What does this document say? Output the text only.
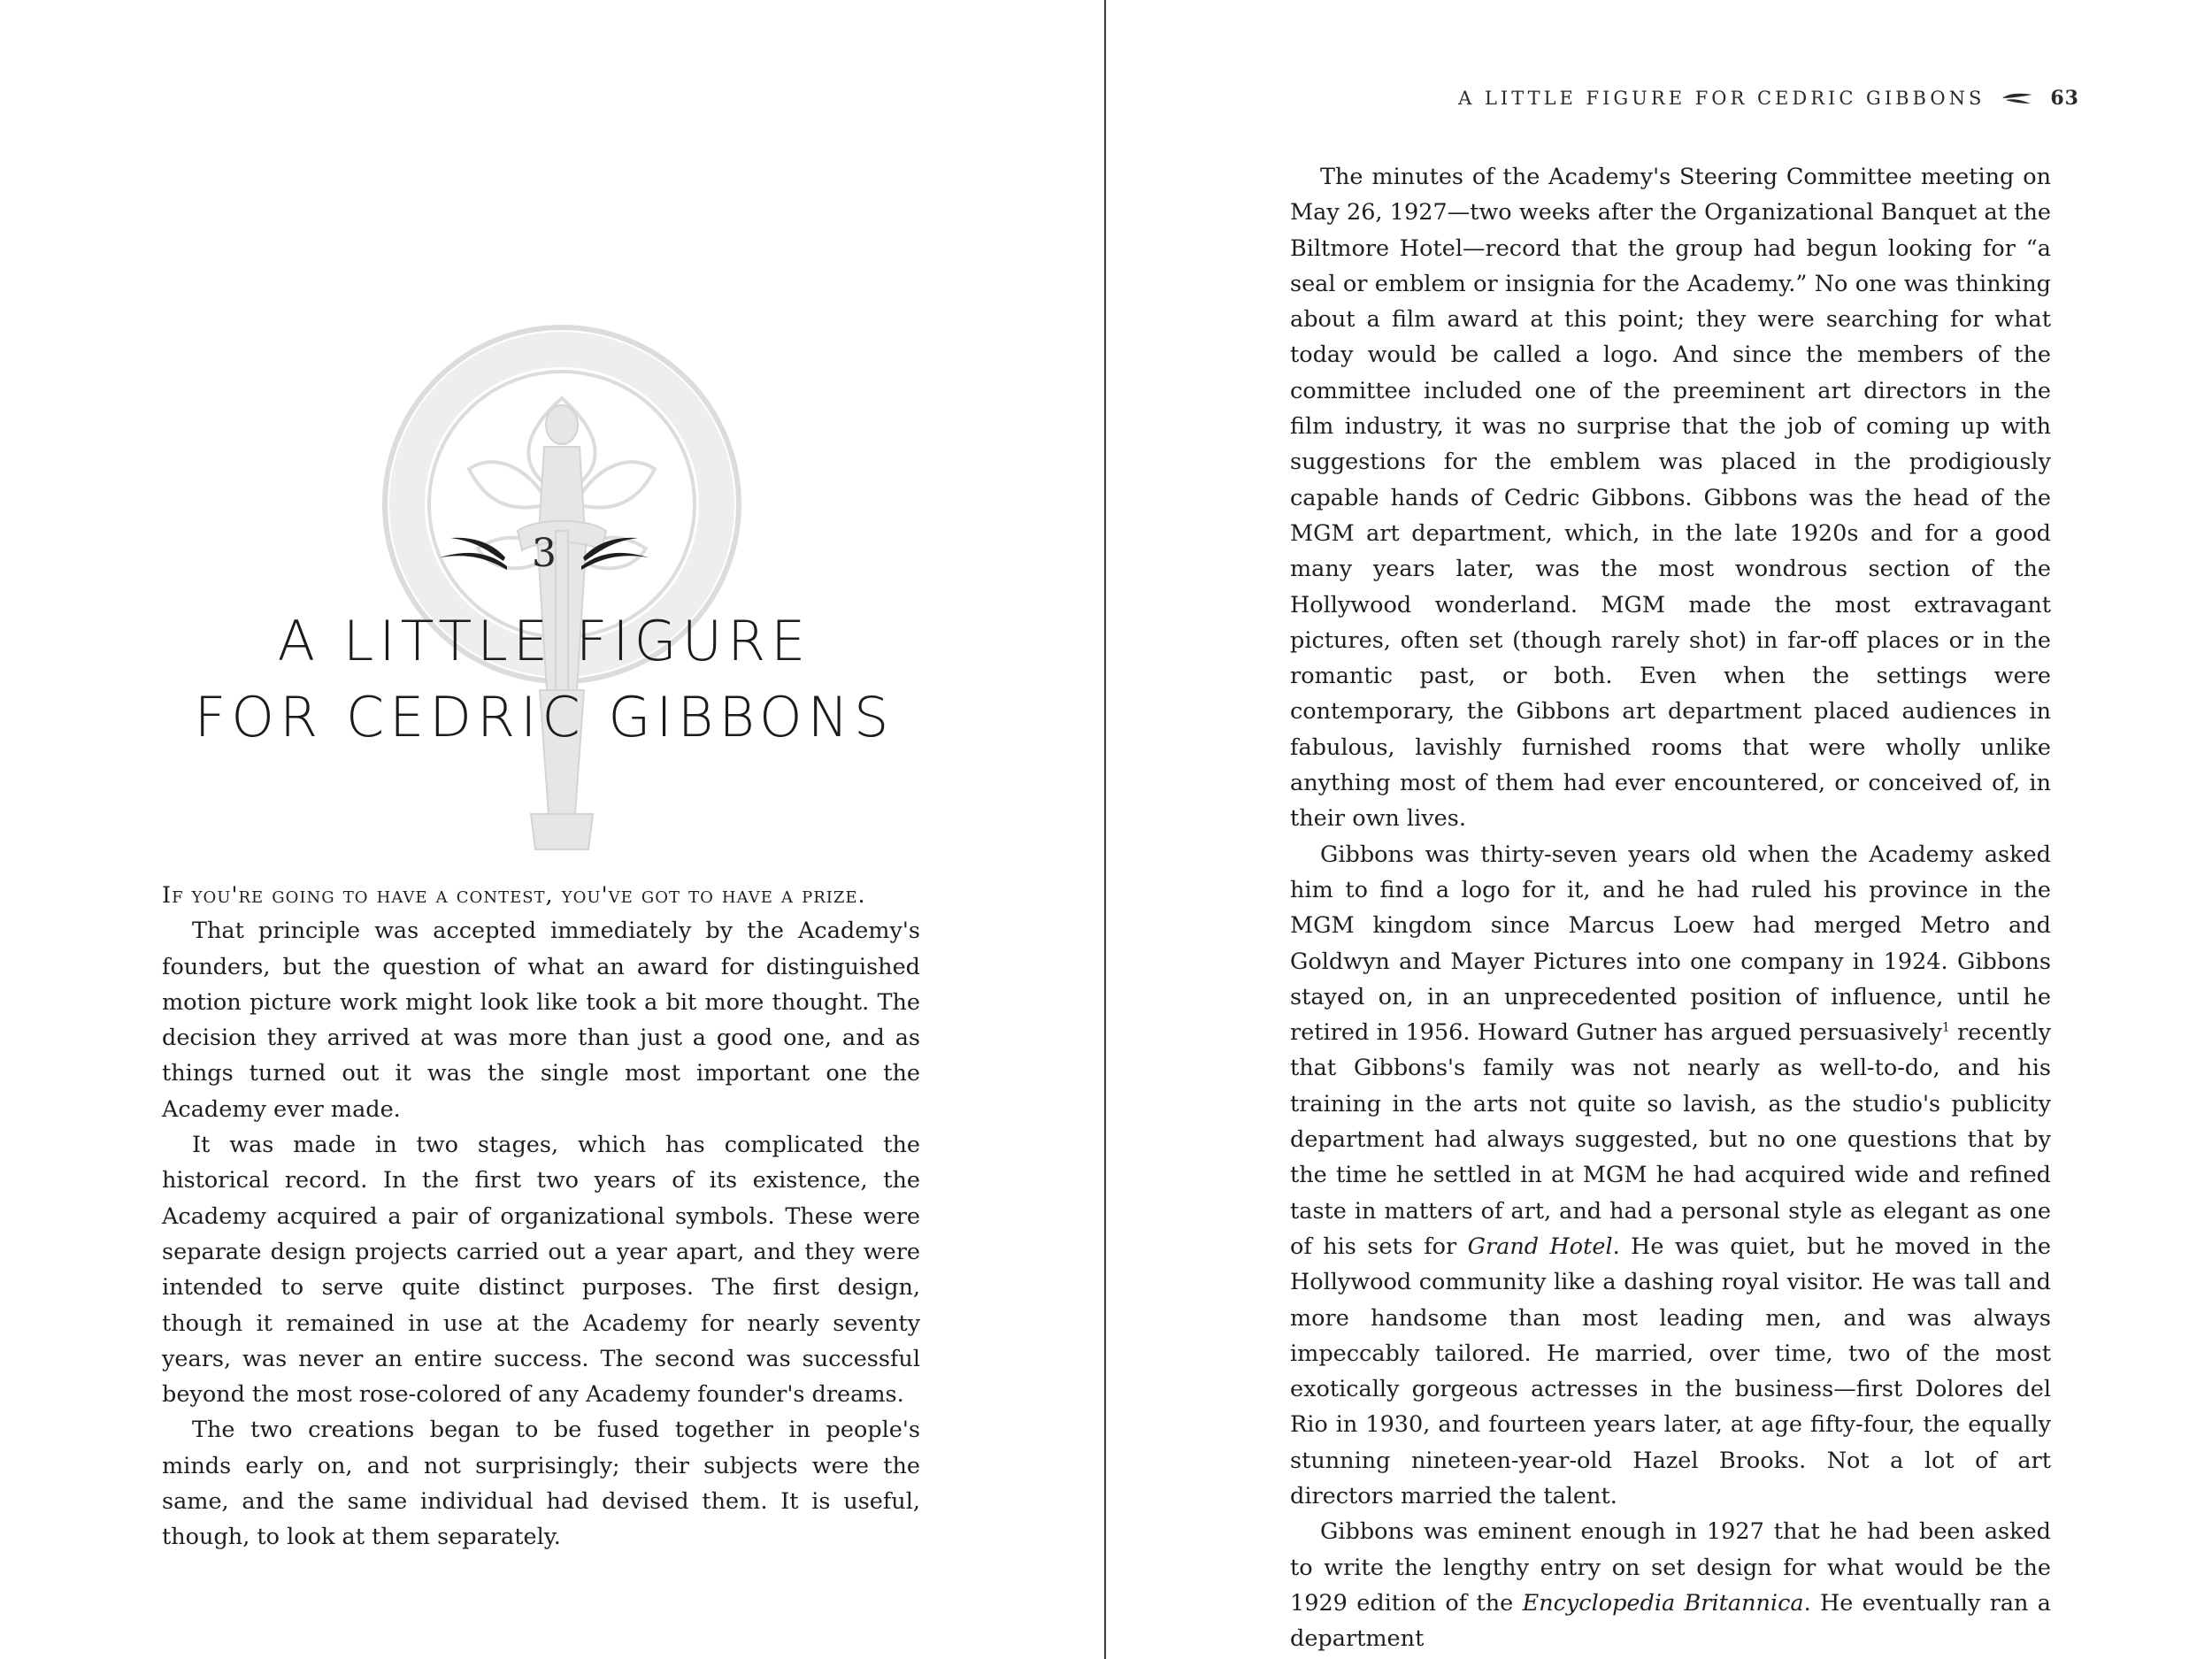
3
A LITTLE FIGURE
FOR CEDRIC GIBBONS

If you're going to have a contest, you've got to have a prize.

That principle was accepted immediately by the Academy's founders, but the question of what an award for distinguished motion picture work might look like took a bit more thought. The decision they arrived at was more than just a good one, and as things turned out it was the single most important one the Academy ever made.

It was made in two stages, which has complicated the historical record. In the first two years of its existence, the Academy acquired a pair of organizational symbols. These were separate design projects carried out a year apart, and they were intended to serve quite distinct purposes. The first design, though it remained in use at the Academy for nearly seventy years, was never an entire success. The second was successful beyond the most rose-colored of any Academy founder's dreams.

The two creations began to be fused together in people's minds early on, and not surprisingly; their subjects were the same, and the same individual had devised them. It is useful, though, to look at them separately.

A LITTLE FIGURE FOR CEDRIC GIBBONS	63

The minutes of the Academy's Steering Committee meeting on May 26, 1927—two weeks after the Organizational Banquet at the Biltmore Hotel—record that the group had begun looking for “a seal or emblem or insignia for the Academy.” No one was thinking about a film award at this point; they were searching for what today would be called a logo. And since the members of the committee included one of the preeminent art directors in the film industry, it was no surprise that the job of coming up with suggestions for the emblem was placed in the prodigiously capable hands of Cedric Gibbons. Gibbons was the head of the MGM art department, which, in the late 1920s and for a good many years later, was the most wondrous section of the Hollywood wonderland. MGM made the most extravagant pictures, often set (though rarely shot) in far-off places or in the romantic past, or both. Even when the settings were contemporary, the Gibbons art department placed audiences in fabulous, lavishly furnished rooms that were wholly unlike anything most of them had ever encountered, or conceived of, in their own lives.

Gibbons was thirty-seven years old when the Academy asked him to find a logo for it, and he had ruled his province in the MGM kingdom since Marcus Loew had merged Metro and Goldwyn and Mayer Pictures into one company in 1924. Gibbons stayed on, in an unprecedented position of influence, until he retired in 1956. Howard Gutner has argued persuasively$^1$ recently that Gibbons's family was not nearly as well-to-do, and his training in the arts not quite so lavish, as the studio's publicity department had always suggested, but no one questions that by the time he settled in at MGM he had acquired wide and refined taste in matters of art, and had a personal style as elegant as one of his sets for Grand Hotel. He was quiet, but he moved in the Hollywood community like a dashing royal visitor. He was tall and more handsome than most leading men, and was always impeccably tailored. He married, over time, two of the most exotically gorgeous actresses in the business—first Dolores del Rio in 1930, and fourteen years later, at age fifty-four, the equally stunning nineteen-year-old Hazel Brooks. Not a lot of art directors married the talent.

Gibbons was eminent enough in 1927 that he had been asked to write the lengthy entry on set design for what would be the 1929 edition of the Encyclopedia Britannica. He eventually ran a department
